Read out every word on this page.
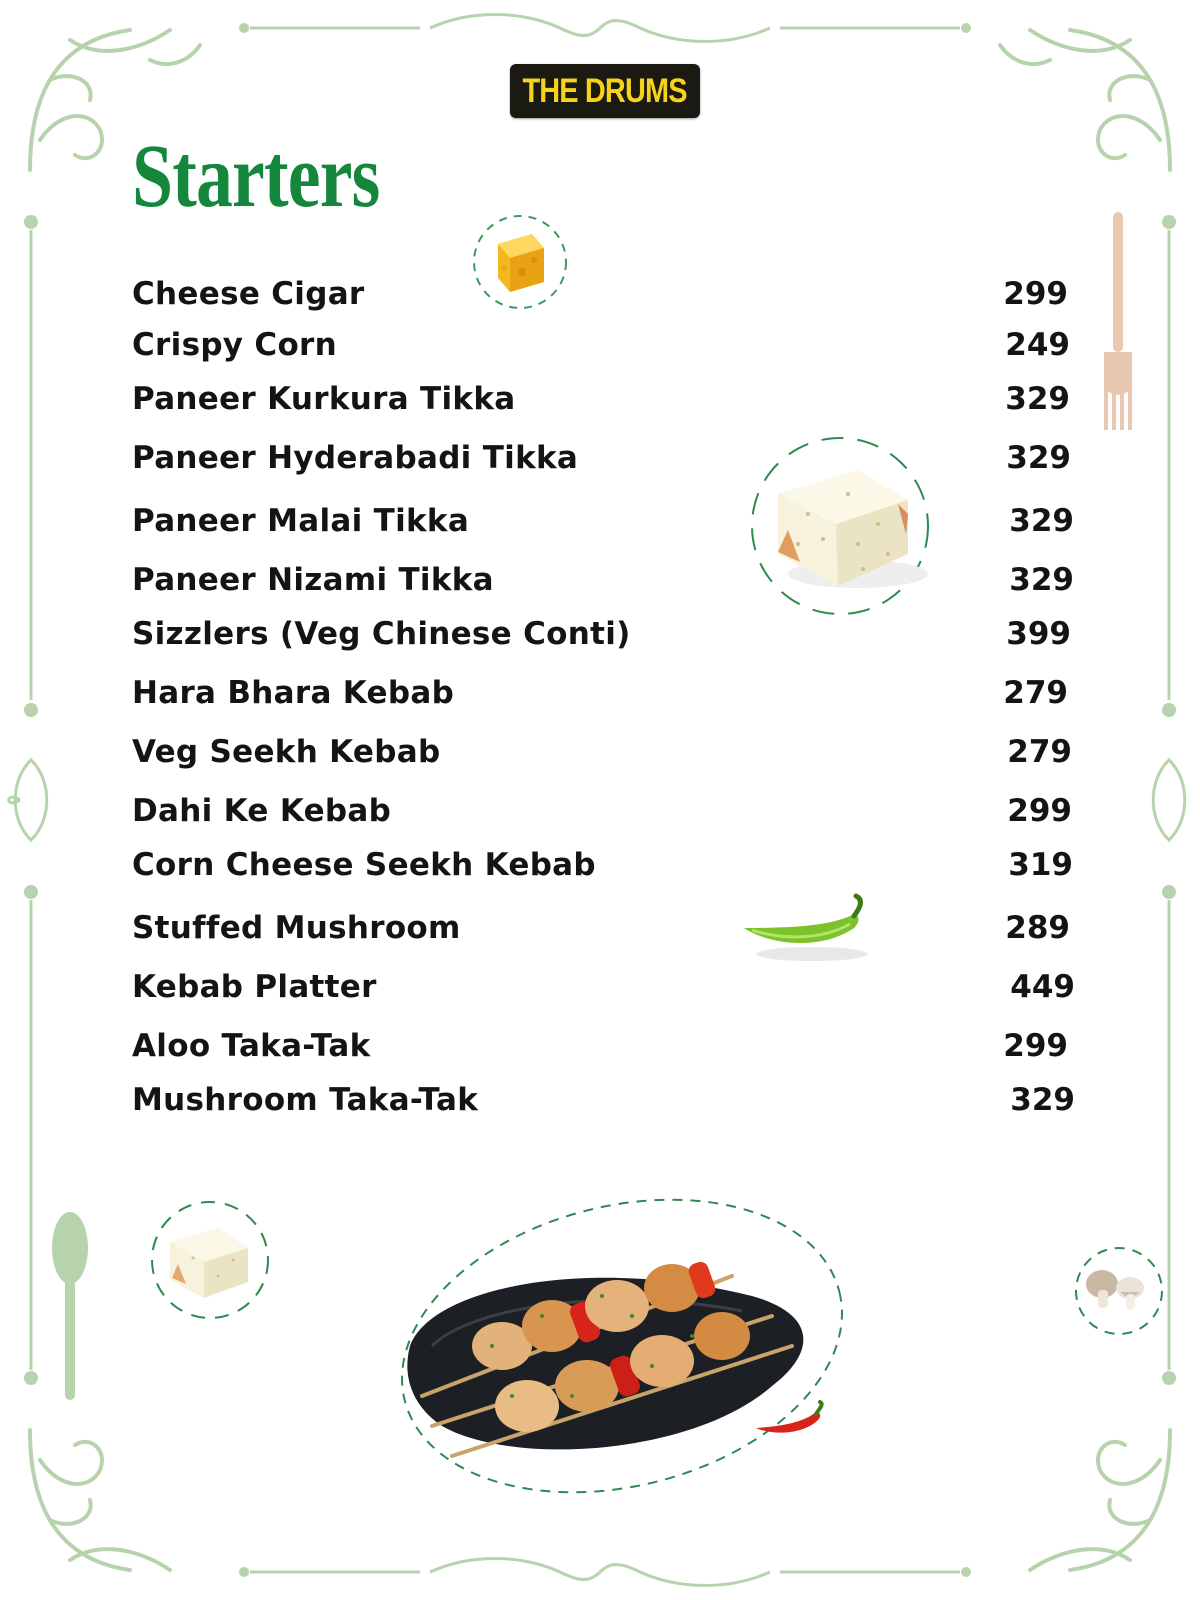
THE DRUMS
Starters
Cheese Cigar	299
Crispy Corn	249
Paneer Kurkura Tikka	329
Paneer Hyderabadi Tikka	329
Paneer Malai Tikka	329
Paneer Nizami Tikka	329
Sizzlers (Veg Chinese Conti)	399
Hara Bhara Kebab	279
Veg Seekh Kebab	279
Dahi Ke Kebab	299
Corn Cheese Seekh Kebab	319
Stuffed Mushroom	289
Kebab Platter	449
Aloo Taka-Tak	299
Mushroom Taka-Tak	329
